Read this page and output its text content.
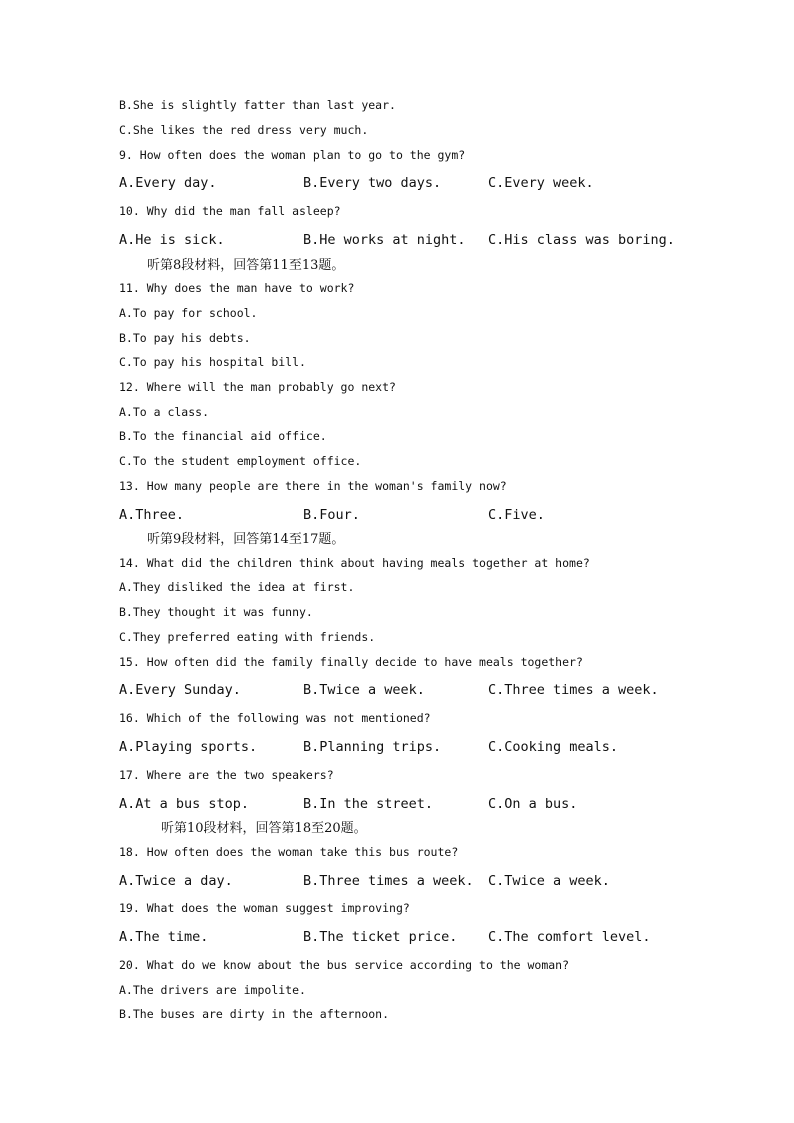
B.She is slightly fatter than last year.
C.She likes the red dress very much.
9. How often does the woman plan to go to the gym?
A.Every day.	B.Every two days.	C.Every week.
10. Why did the man fall asleep?
A.He is sick.	B.He works at night. C.His class was boring.
听第8段材料，回答第11至13题。
11. Why does the man have to work?
A.To pay for school.
B.To pay his debts.
C.To pay his hospital bill.
12. Where will the man probably go next?
A.To a class.
B.To the financial aid office.
C.To the student employment office.
13. How many people are there in the woman's family now?
A.Three.	B.Four.	C.Five.
听第9段材料，回答第14至17题。
14. What did the children think about having meals together at home?
A.They disliked the idea at first.
B.They thought it was funny.
C.They preferred eating with friends.
15. How often did the family finally decide to have meals together?
A.Every Sunday.	B.Twice a week.	C.Three times a week.
16. Which of the following was not mentioned?
A.Playing sports.	B.Planning trips.	C.Cooking meals.
17. Where are the two speakers?
A.At a bus stop.	B.In the street.	C.On a bus.
听第10段材料，回答第18至20题。
18. How often does the woman take this bus route?
A.Twice a day.	B.Three times a week. C.Twice a week.
19. What does the woman suggest improving?
A.The time.	B.The ticket price. C.The comfort level.
20. What do we know about the bus service according to the woman?
A.The drivers are impolite.
B.The buses are dirty in the afternoon.
